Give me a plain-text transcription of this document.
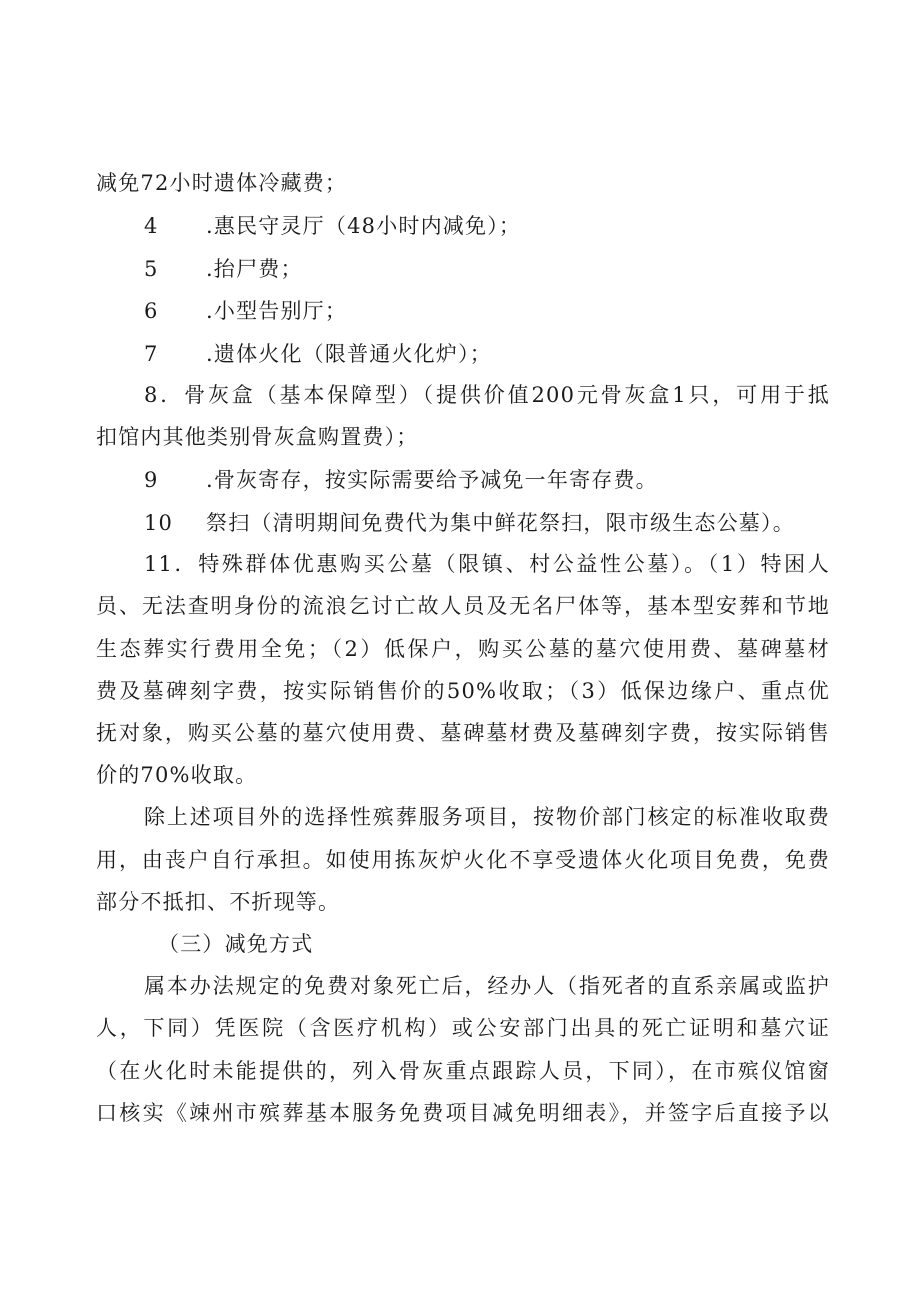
减免72小时遗体冷藏费；
4 .惠民守灵厅（48小时内减免）；
5 .抬尸费；
6 .小型告别厅；
7 .遗体火化（限普通火化炉）；
8．骨灰盒（基本保障型）（提供价值200元骨灰盒1只，可用于抵
扣馆内其他类别骨灰盒购置费）；
9 .骨灰寄存，按实际需要给予减免一年寄存费。
10 祭扫（清明期间免费代为集中鲜花祭扫，限市级生态公墓）。
11．特殊群体优惠购买公墓（限镇、村公益性公墓）。（1）特困人
员、无法查明身份的流浪乞讨亡故人员及无名尸体等，基本型安葬和节地
生态葬实行费用全免；（2）低保户，购买公墓的墓穴使用费、墓碑墓材
费及墓碑刻字费，按实际销售价的50%收取；（3）低保边缘户、重点优
抚对象，购买公墓的墓穴使用费、墓碑墓材费及墓碑刻字费，按实际销售
价的70%收取。
除上述项目外的选择性殡葬服务项目，按物价部门核定的标准收取费
用，由丧户自行承担。如使用拣灰炉火化不享受遗体火化项目免费，免费
部分不抵扣、不折现等。
（三）减免方式
属本办法规定的免费对象死亡后，经办人（指死者的直系亲属或监护
人，下同）凭医院（含医疗机构）或公安部门出具的死亡证明和墓穴证
（在火化时未能提供的，列入骨灰重点跟踪人员，下同），在市殡仪馆窗
口核实《竦州市殡葬基本服务免费项目减免明细表》，并签字后直接予以
